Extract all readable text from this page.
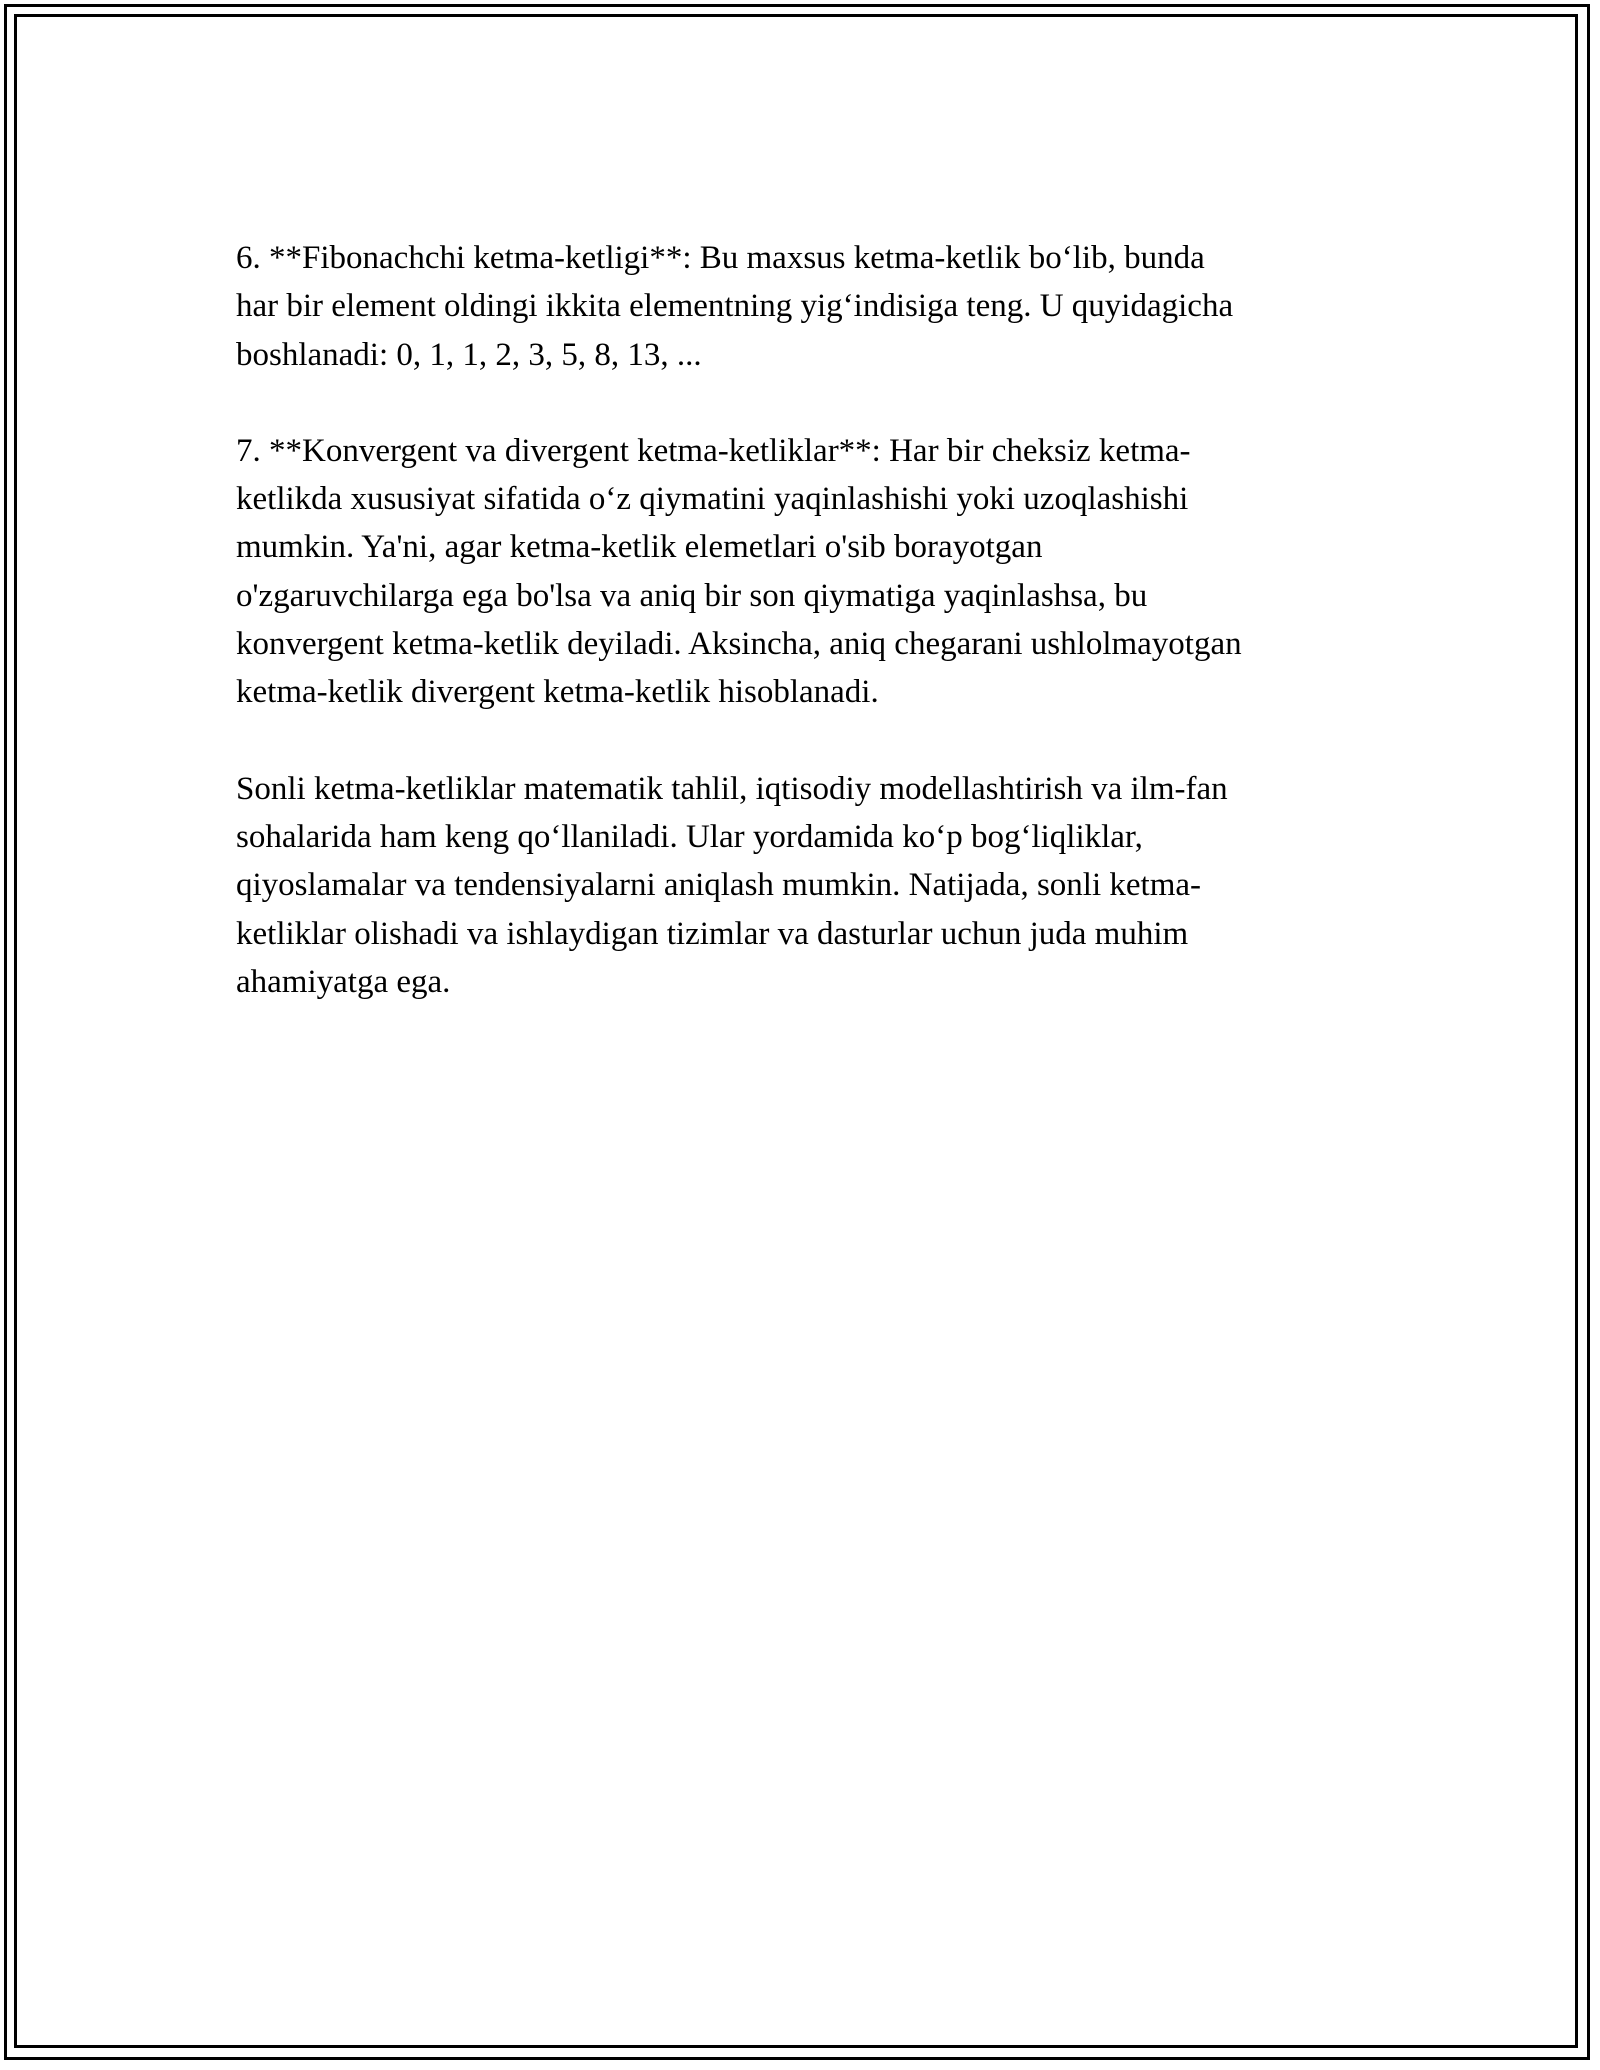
6. **Fibonachchi ketma-ketligi**: Bu maxsus ketma-ketlik bo‘lib, bunda
har bir element oldingi ikkita elementning yig‘indisiga teng. U quyidagicha
boshlanadi: 0, 1, 1, 2, 3, 5, 8, 13, ...

7. **Konvergent va divergent ketma-ketliklar**: Har bir cheksiz ketma-
ketlikda xususiyat sifatida o‘z qiymatini yaqinlashishi yoki uzoqlashishi
mumkin. Ya'ni, agar ketma-ketlik elemetlari o'sib borayotgan
o'zgaruvchilarga ega bo'lsa va aniq bir son qiymatiga yaqinlashsa, bu
konvergent ketma-ketlik deyiladi. Aksincha, aniq chegarani ushlolmayotgan
ketma-ketlik divergent ketma-ketlik hisoblanadi.

Sonli ketma-ketliklar matematik tahlil, iqtisodiy modellashtirish va ilm-fan
sohalarida ham keng qo‘llaniladi. Ular yordamida ko‘p bog‘liqliklar,
qiyoslamalar va tendensiyalarni aniqlash mumkin. Natijada, sonli ketma-
ketliklar olishadi va ishlaydigan tizimlar va dasturlar uchun juda muhim
ahamiyatga ega.
